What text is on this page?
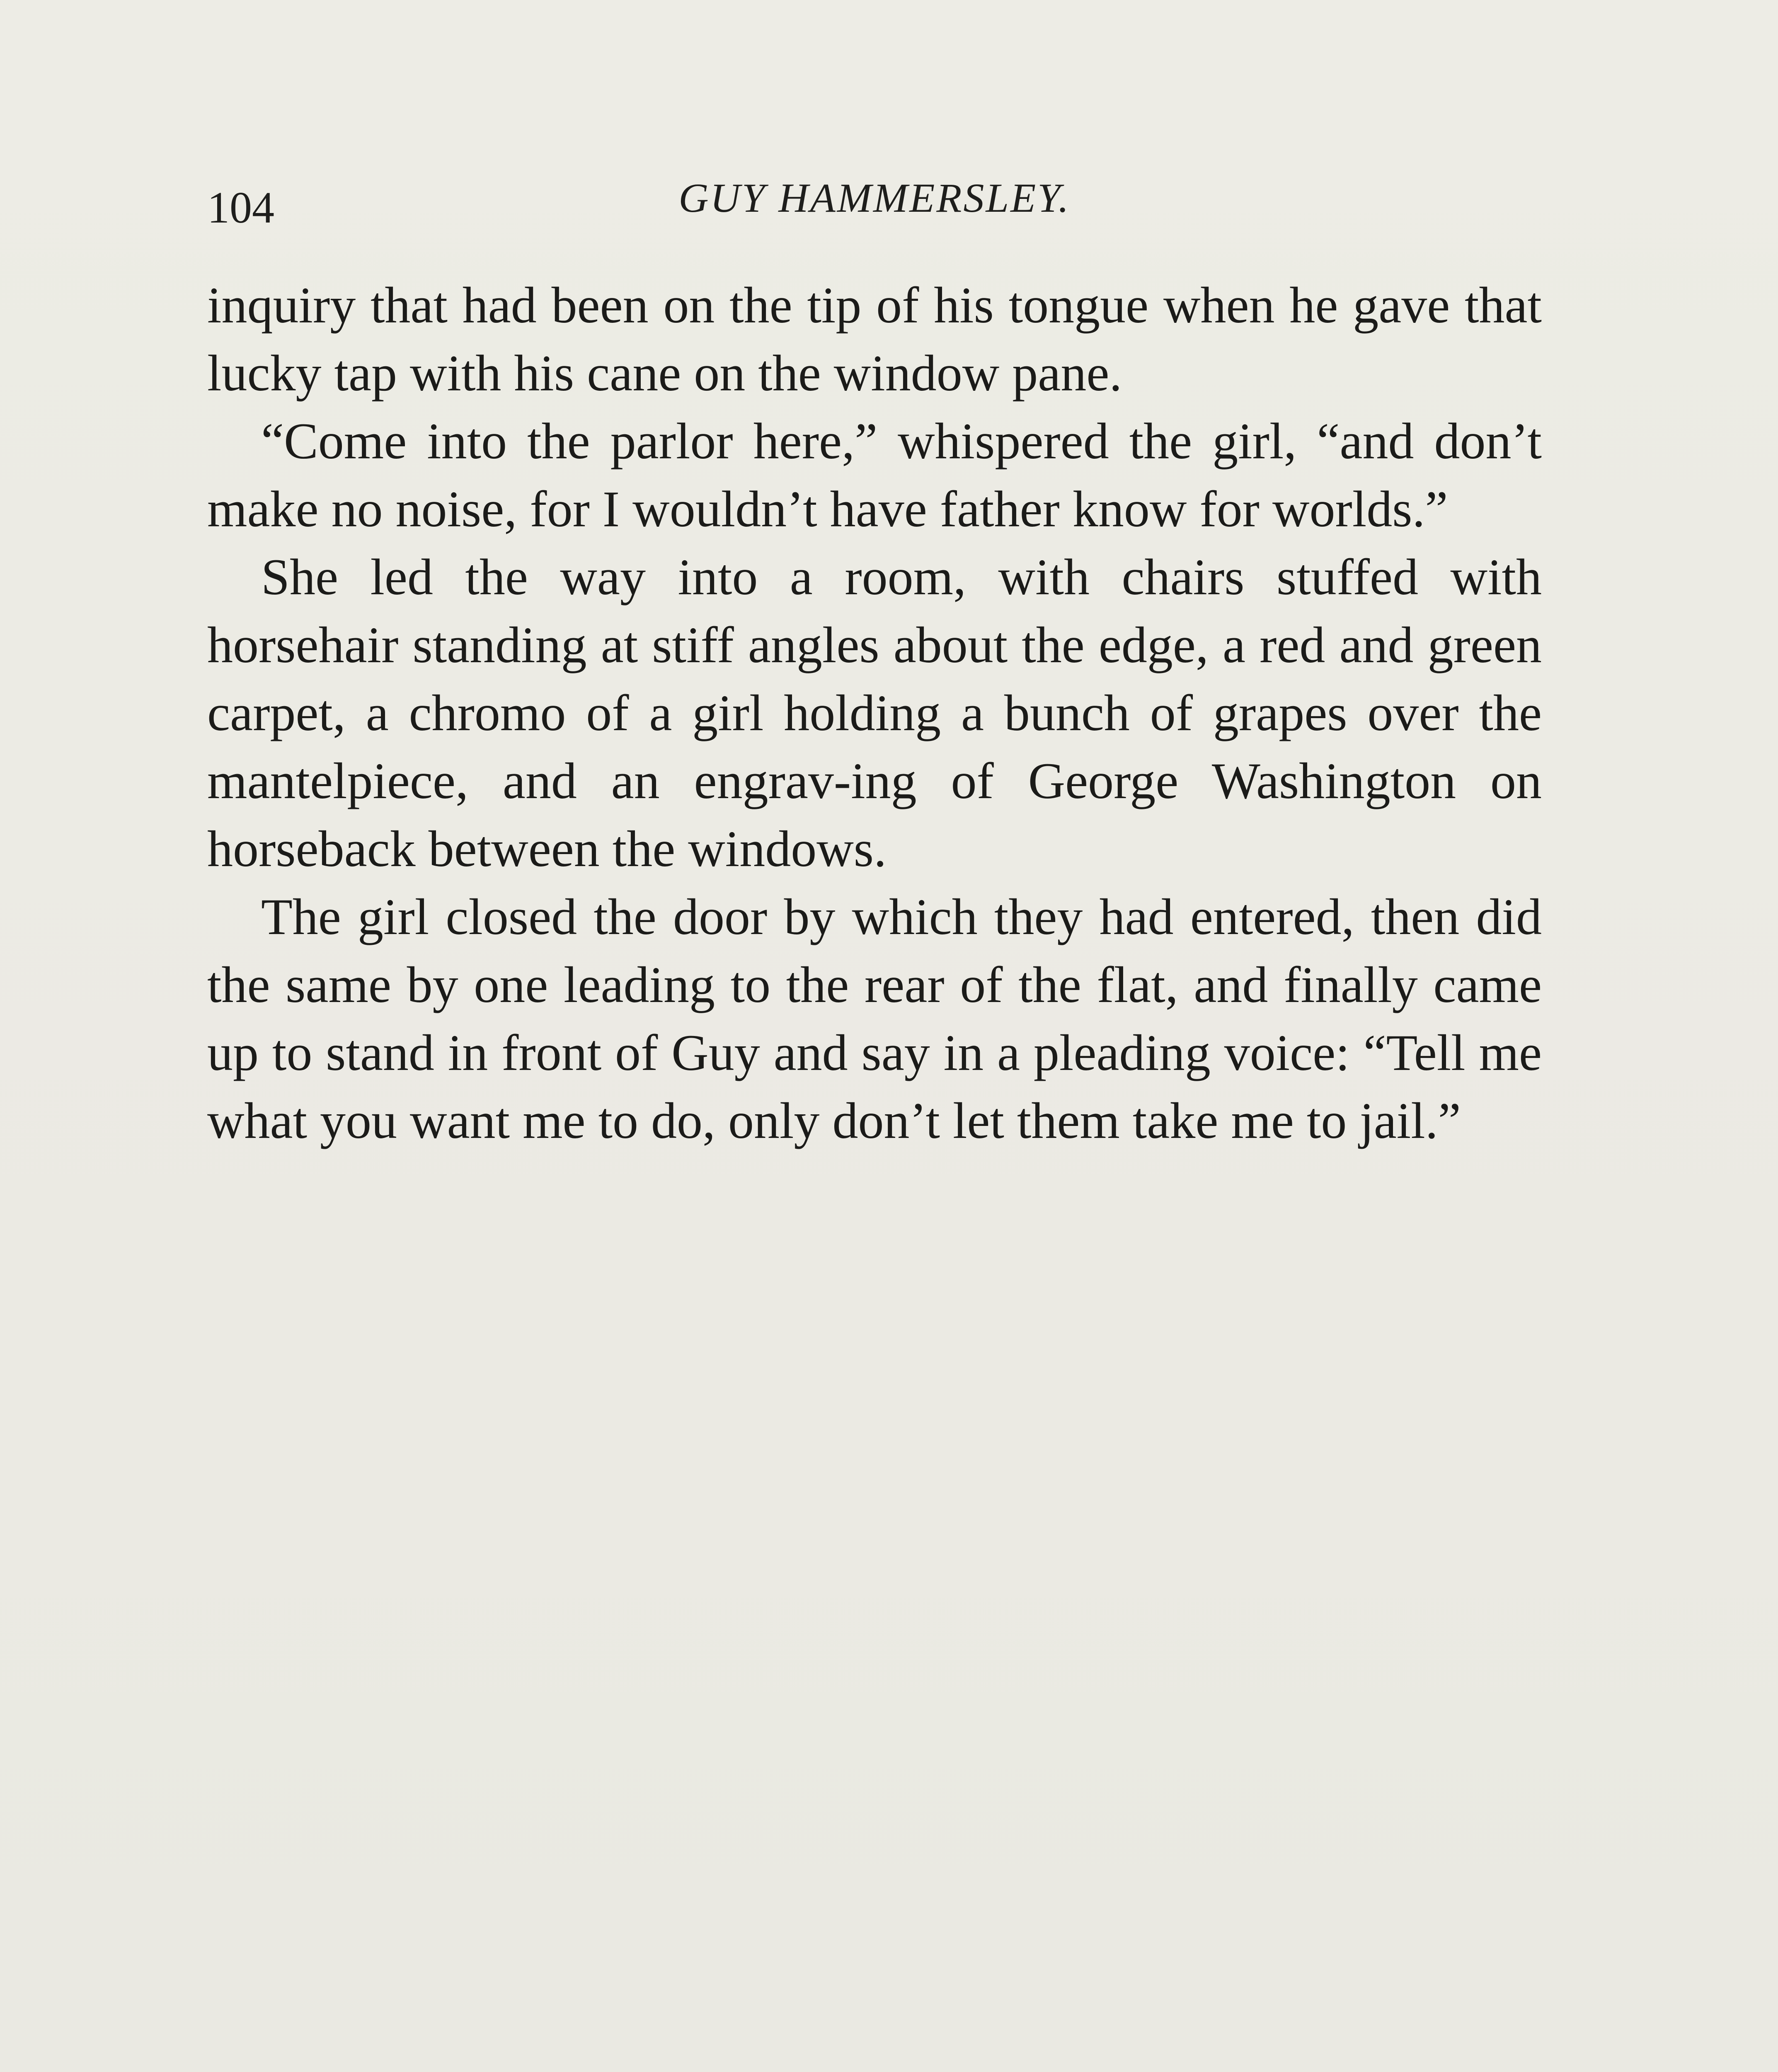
104	GUY HAMMERSLEY.

inquiry that had been on the tip of his tongue when he gave that lucky tap with his cane on the window pane.

“Come into the parlor here,” whispered the girl, “and don’t make no noise, for I wouldn’t have father know for worlds.”

She led the way into a room, with chairs stuffed with horsehair standing at stiff angles about the edge, a red and green carpet, a chromo of a girl holding a bunch of grapes over the mantelpiece, and an engrav-ing of George Washington on horseback between the windows.

The girl closed the door by which they had entered, then did the same by one leading to the rear of the flat, and finally came up to stand in front of Guy and say in a pleading voice: “Tell me what you want me to do, only don’t let them take me to jail.”
